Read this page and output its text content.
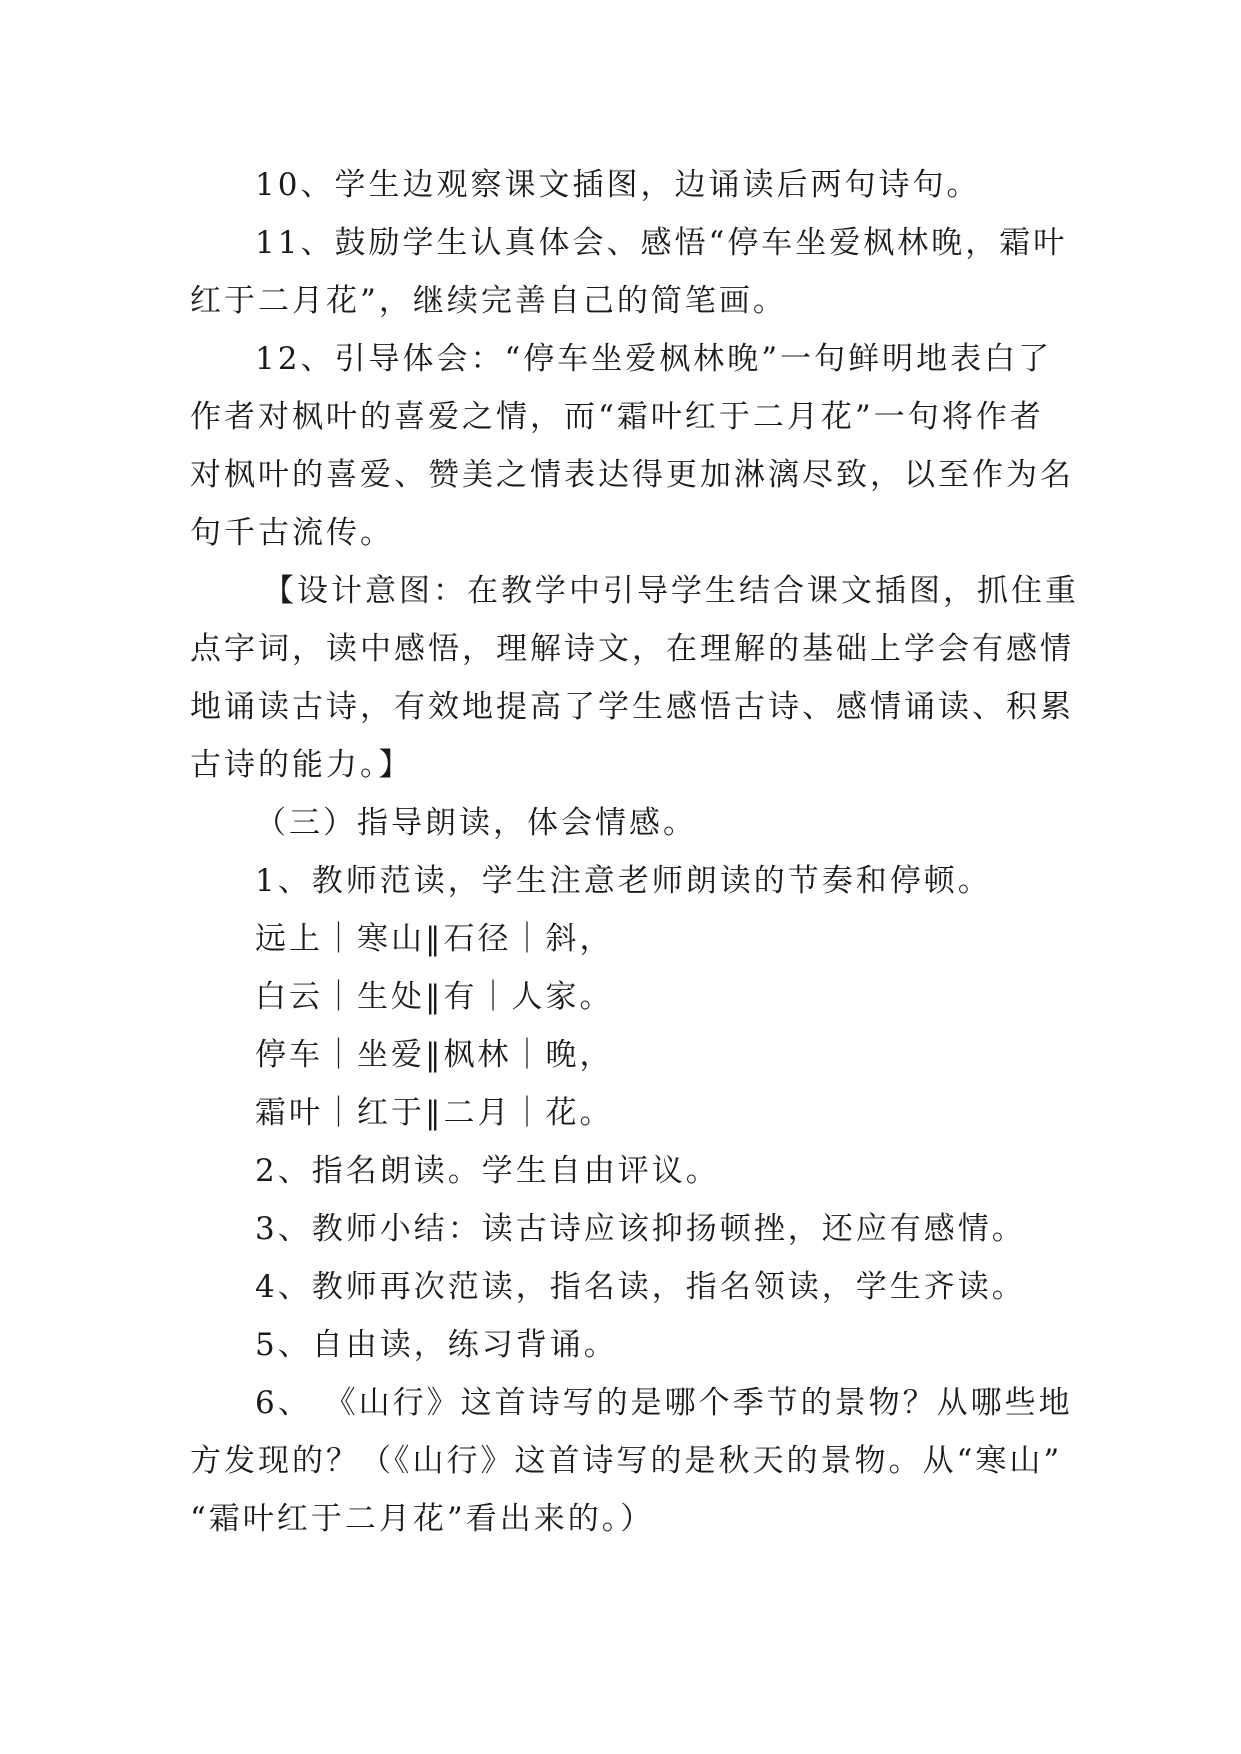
10、学生边观察课文插图，边诵读后两句诗句。

11、鼓励学生认真体会、感悟“停车坐爱枫林晚，霜叶

红于二月花”，继续完善自己的简笔画。

12、引导体会：“停车坐爱枫林晚”一句鲜明地表白了

作者对枫叶的喜爱之情，而“霜叶红于二月花”一句将作者

对枫叶的喜爱、赞美之情表达得更加淋漓尽致，以至作为名

句千古流传。

【设计意图：在教学中引导学生结合课文插图，抓住重

点字词，读中感悟，理解诗文，在理解的基础上学会有感情

地诵读古诗，有效地提高了学生感悟古诗、感情诵读、积累

古诗的能力。】

（三）指导朗读，体会情感。

1、教师范读，学生注意老师朗读的节奏和停顿。

远上｜寒山‖石径｜斜，

白云｜生处‖有｜人家。

停车｜坐爱‖枫林｜晚，

霜叶｜红于‖二月｜花。

2、指名朗读。学生自由评议。

3、教师小结：读古诗应该抑扬顿挫，还应有感情。

4、教师再次范读，指名读，指名领读，学生齐读。

5、自由读，练习背诵。

6、 《山行》这首诗写的是哪个季节的景物？从哪些地

方发现的？（《山行》这首诗写的是秋天的景物。从“寒山”

“霜叶红于二月花”看出来的。）
